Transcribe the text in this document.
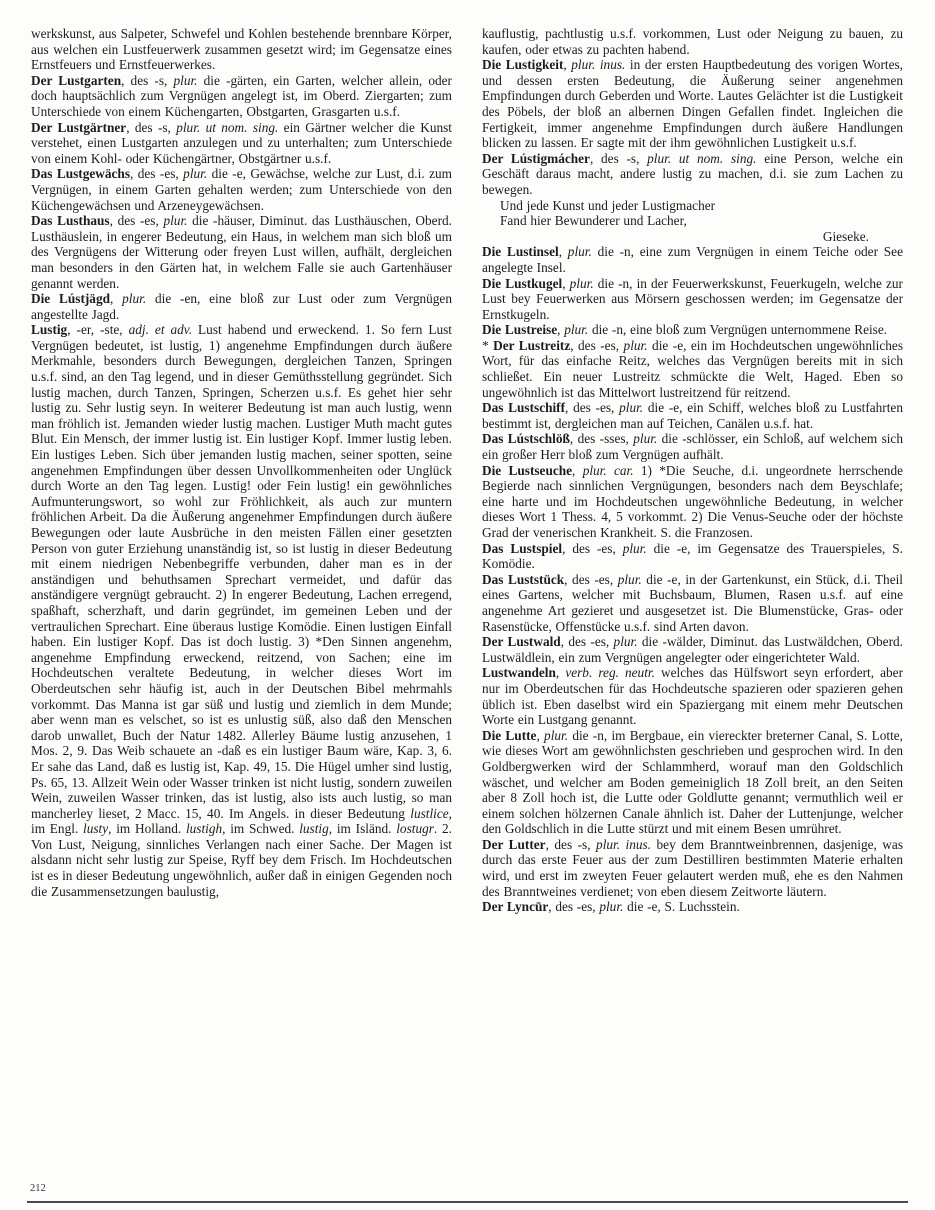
werkskunst, aus Salpeter, Schwefel und Kohlen bestehende brennbare Körper, aus welchen ein Lustfeuerwerk zusammen gesetzt wird; im Gegensatze eines Ernstfeuers und Ernstfeuerwerkes.

Der Lustgarten, des -s, plur. die -gärten, ein Garten, welcher allein, oder doch hauptsächlich zum Vergnügen angelegt ist, im Oberd. Ziergarten; zum Unterschiede von einem Küchengarten, Obstgarten, Grasgarten u.s.f.

Der Lustgärtner, des -s, plur. ut nom. sing. ein Gärtner welcher die Kunst verstehet, einen Lustgarten anzulegen und zu unterhalten; zum Unterschiede von einem Kohl- oder Küchengärtner, Obstgärtner u.s.f.

Das Lustgewächs, des -es, plur. die -e, Gewächse, welche zur Lust, d.i. zum Vergnügen, in einem Garten gehalten werden; zum Unterschiede von den Küchengewächsen und Arzeneygewächsen.

Das Lusthaus, des -es, plur. die -häuser, Diminut. das Lusthäuschen, Oberd. Lusthäuslein, in engerer Bedeutung, ein Haus, in welchem man sich bloß um des Vergnügens der Witterung oder freyen Lust willen, aufhält, dergleichen man besonders in den Gärten hat, in welchem Falle sie auch Gartenhäuser genannt werden.

Die Lústjägd, plur. die -en, eine bloß zur Lust oder zum Vergnügen angestellte Jagd.

Lustig, -er, -ste, adj. et adv. Lust habend und erweckend. 1. So fern Lust Vergnügen bedeutet, ist lustig, 1) angenehme Empfindungen durch äußere Merkmahle, besonders durch Bewegungen, dergleichen Tanzen, Springen u.s.f. sind, an den Tag legend, und in dieser Gemüthsstellung gegründet. Sich lustig machen, durch Tanzen, Springen, Scherzen u.s.f. Es gehet hier sehr lustig zu. Sehr lustig seyn. In weiterer Bedeutung ist man auch lustig, wenn man fröhlich ist. Jemanden wieder lustig machen. Lustiger Muth macht gutes Blut. Ein Mensch, der immer lustig ist. Ein lustiger Kopf. Immer lustig leben. Ein lustiges Leben. Sich über jemanden lustig machen, seiner spotten, seine angenehmen Empfindungen über dessen Unvollkommenheiten oder Unglück durch Worte an den Tag legen. Lustig! oder Fein lustig! ein gewöhnliches Aufmunterungswort, so wohl zur Fröhlichkeit, als auch zur muntern fröhlichen Arbeit. Da die Äußerung angenehmer Empfindungen durch äußere Bewegungen oder laute Ausbrüche in den meisten Fällen einer gesetzten Person von guter Erziehung unanständig ist, so ist lustig in dieser Bedeutung mit einem niedrigen Nebenbegriffe verbunden, daher man es in der anständigen und behuthsamen Sprechart vermeidet, und dafür das anständigere vergnügt gebraucht. 2) In engerer Bedeutung, Lachen erregend, spaßhaft, scherzhaft, und darin gegründet, im gemeinen Leben und der vertraulichen Sprechart. Eine überaus lustige Komödie. Einen lustigen Einfall haben. Ein lustiger Kopf. Das ist doch lustig. 3) *Den Sinnen angenehm, angenehme Empfindung erweckend, reitzend, von Sachen; eine im Hochdeutschen veraltete Bedeutung, in welcher dieses Wort im Oberdeutschen sehr häufig ist, auch in der Deutschen Bibel mehrmahls vorkommt. Das Manna ist gar süß und lustig und ziemlich in dem Munde; aber wenn man es velschet, so ist es unlustig süß, also daß den Menschen darob unwallet, Buch der Natur 1482. Allerley Bäume lustig anzusehen, 1 Mos. 2, 9. Das Weib schauete an -daß es ein lustiger Baum wäre, Kap. 3, 6. Er sahe das Land, daß es lustig ist, Kap. 49, 15. Die Hügel umher sind lustig, Ps. 65, 13. Allzeit Wein oder Wasser trinken ist nicht lustig, sondern zuweilen Wein, zuweilen Wasser trinken, das ist lustig, also ists auch lustig, so man mancherley lieset, 2 Macc. 15, 40. Im Angels. in dieser Bedeutung lustlice, im Engl. lusty, im Holland. lustigh, im Schwed. lustig, im Isländ. lostugr. 2. Von Lust, Neigung, sinnliches Verlangen nach einer Sache. Der Magen ist alsdann nicht sehr lustig zur Speise, Ryff bey dem Frisch. Im Hochdeutschen ist es in dieser Bedeutung ungewöhnlich, außer daß in einigen Gegenden noch die Zusammensetzungen baulustig,

kauflustig, pachtlustig u.s.f. vorkommen, Lust oder Neigung zu bauen, zu kaufen, oder etwas zu pachten habend.

Die Lustigkeit, plur. inus. in der ersten Hauptbedeutung des vorigen Wortes, und dessen ersten Bedeutung, die Äußerung seiner angenehmen Empfindungen durch Geberden und Worte. Lautes Gelächter ist die Lustigkeit des Pöbels, der bloß an albernen Dingen Gefallen findet. Ingleichen die Fertigkeit, immer angenehme Empfindungen durch äußere Handlungen blicken zu lassen. Er sagte mit der ihm gewöhnlichen Lustigkeit u.s.f.

Der Lústigmácher, des -s, plur. ut nom. sing. eine Person, welche ein Geschäft daraus macht, andere lustig zu machen, d.i. sie zum Lachen zu bewegen.

Und jede Kunst und jeder Lustigmacher

Fand hier Bewunderer und Lacher,

Gieseke.

Die Lustinsel, plur. die -n, eine zum Vergnügen in einem Teiche oder See angelegte Insel.

Die Lustkugel, plur. die -n, in der Feuerwerkskunst, Feuerkugeln, welche zur Lust bey Feuerwerken aus Mörsern geschossen werden; im Gegensatze der Ernstkugeln.

Die Lustreise, plur. die -n, eine bloß zum Vergnügen unternommene Reise.

* Der Lustreitz, des -es, plur. die -e, ein im Hochdeutschen ungewöhnliches Wort, für das einfache Reitz, welches das Vergnügen bereits mit in sich schließet. Ein neuer Lustreitz schmückte die Welt, Haged. Eben so ungewöhnlich ist das Mittelwort lustreitzend für reitzend.

Das Lustschiff, des -es, plur. die -e, ein Schiff, welches bloß zu Lustfahrten bestimmt ist, dergleichen man auf Teichen, Canälen u.s.f. hat.

Das Lústschlöß, des -sses, plur. die -schlösser, ein Schloß, auf welchem sich ein großer Herr bloß zum Vergnügen aufhält.

Die Lustseuche, plur. car. 1) *Die Seuche, d.i. ungeordnete herrschende Begierde nach sinnlichen Vergnügungen, besonders nach dem Beyschlafe; eine harte und im Hochdeutschen ungewöhnliche Bedeutung, in welcher dieses Wort 1 Thess. 4, 5 vorkommt. 2) Die Venus-Seuche oder der höchste Grad der venerischen Krankheit. S. die Franzosen.

Das Lustspiel, des -es, plur. die -e, im Gegensatze des Trauerspieles, S. Komödie.

Das Luststück, des -es, plur. die -e, in der Gartenkunst, ein Stück, d.i. Theil eines Gartens, welcher mit Buchsbaum, Blumen, Rasen u.s.f. auf eine angenehme Art gezieret und ausgesetzet ist. Die Blumenstücke, Gras- oder Rasenstücke, Offenstücke u.s.f. sind Arten davon.

Der Lustwald, des -es, plur. die -wälder, Diminut. das Lustwäldchen, Oberd. Lustwäldlein, ein zum Vergnügen angelegter oder eingerichteter Wald.

Lustwandeln, verb. reg. neutr. welches das Hülfswort seyn erfordert, aber nur im Oberdeutschen für das Hochdeutsche spazieren oder spazieren gehen üblich ist. Eben daselbst wird ein Spaziergang mit einem mehr Deutschen Worte ein Lustgang genannt.

Die Lutte, plur. die -n, im Bergbaue, ein viereckter breterner Canal, S. Lotte, wie dieses Wort am gewöhnlichsten geschrieben und gesprochen wird. In den Goldbergwerken wird der Schlammherd, worauf man den Goldschlich wäschet, und welcher am Boden gemeiniglich 18 Zoll breit, an den Seiten aber 8 Zoll hoch ist, die Lutte oder Goldlutte genannt; vermuthlich weil er einem solchen hölzernen Canale ähnlich ist. Daher der Luttenjunge, welcher den Goldschlich in die Lutte stürzt und mit einem Besen umrühret.

Der Lutter, des -s, plur. inus. bey dem Branntweinbrennen, dasjenige, was durch das erste Feuer aus der zum Destilliren bestimmten Materie erhalten wird, und erst im zweyten Feuer gelautert werden muß, ehe es den Nahmen des Branntweines verdienet; von eben diesem Zeitworte läutern.

Der Lyncūr, des -es, plur. die -e, S. Luchsstein.

212
